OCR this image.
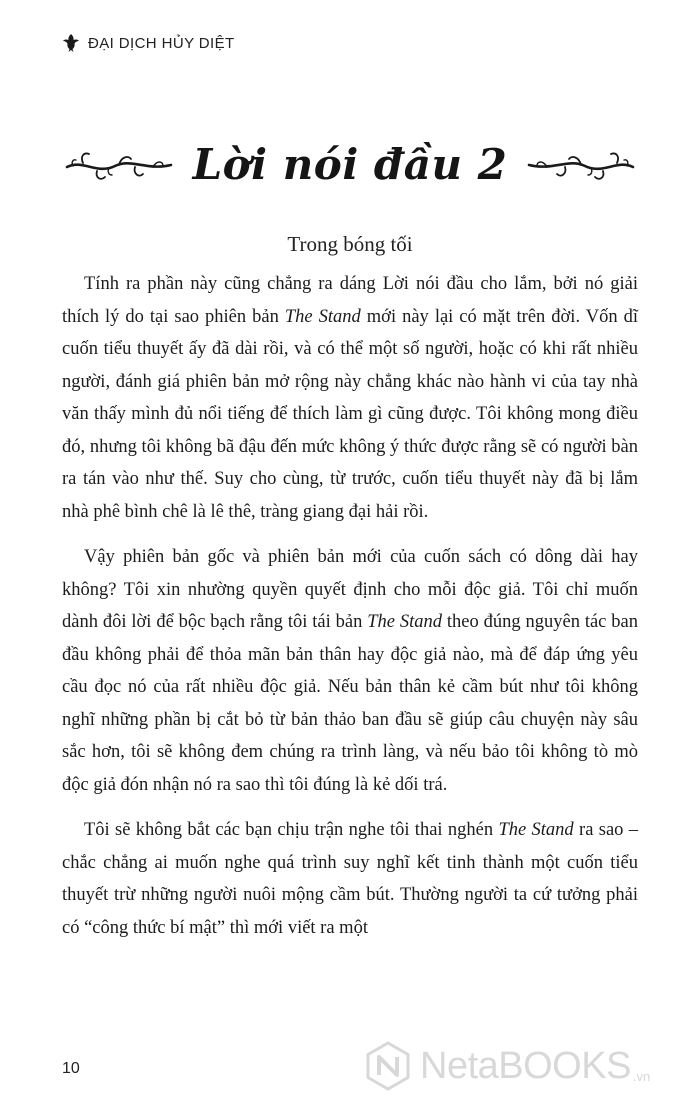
ĐẠI DỊCH HỦY DIỆT
Lời nói đầu 2
Trong bóng tối

Tính ra phần này cũng chẳng ra dáng Lời nói đầu cho lắm, bởi nó giải thích lý do tại sao phiên bản The Stand mới này lại có mặt trên đời. Vốn dĩ cuốn tiểu thuyết ấy đã dài rồi, và có thể một số người, hoặc có khi rất nhiều người, đánh giá phiên bản mở rộng này chẳng khác nào hành vi của tay nhà văn thấy mình đủ nổi tiếng để thích làm gì cũng được. Tôi không mong điều đó, nhưng tôi không bã đậu đến mức không ý thức được rằng sẽ có người bàn ra tán vào như thế. Suy cho cùng, từ trước, cuốn tiểu thuyết này đã bị lắm nhà phê bình chê là lê thê, tràng giang đại hải rồi.

Vậy phiên bản gốc và phiên bản mới của cuốn sách có dông dài hay không? Tôi xin nhường quyền quyết định cho mỗi độc giả. Tôi chỉ muốn dành đôi lời để bộc bạch rằng tôi tái bản The Stand theo đúng nguyên tác ban đầu không phải để thỏa mãn bản thân hay độc giả nào, mà để đáp ứng yêu cầu đọc nó của rất nhiều độc giả. Nếu bản thân kẻ cầm bút như tôi không nghĩ những phần bị cắt bỏ từ bản thảo ban đầu sẽ giúp câu chuyện này sâu sắc hơn, tôi sẽ không đem chúng ra trình làng, và nếu bảo tôi không tò mò độc giả đón nhận nó ra sao thì tôi đúng là kẻ dối trá.

Tôi sẽ không bắt các bạn chịu trận nghe tôi thai nghén The Stand ra sao – chắc chẳng ai muốn nghe quá trình suy nghĩ kết tinh thành một cuốn tiểu thuyết trừ những người nuôi mộng cầm bút. Thường người ta cứ tưởng phải có “công thức bí mật” thì mới viết ra một

10	NetaBOOKS .vn
